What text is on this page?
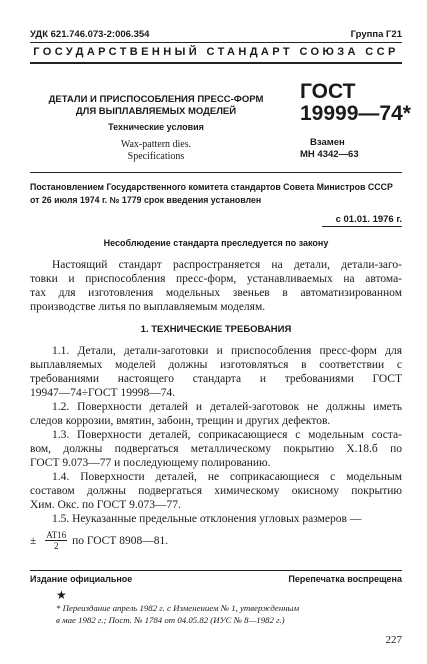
УДК 621.746.073-2:006.354	Группа Г21
ГОСУДАРСТВЕННЫЙ СТАНДАРТ СОЮЗА ССР
ДЕТАЛИ И ПРИСПОСОБЛЕНИЯ ПРЕСС-ФОРМ
ДЛЯ ВЫПЛАВЛЯЕМЫХ МОДЕЛЕЙ
Технические условия
Wax-pattern dies.
Specifications
ГОСТ
19999—74*
Взамен
МН 4342—63
Постановлением Государственного комитета стандартов Совета Министров СССР
от 26 июля 1974 г. № 1779 срок введения установлен
с 01.01. 1976 г.
Несоблюдение стандарта преследуется по закону
Настоящий стандарт распространяется на детали, детали-заго-
товки и приспособления пресс-форм, устанавливаемых на автома-
тах для изготовления модельных звеньев в автоматизированном
производстве литья по выплавляемым моделям.
1. ТЕХНИЧЕСКИЕ ТРЕБОВАНИЯ
1.1. Детали, детали-заготовки и приспособления пресс-форм для
выплавляемых моделей должны изготовляться в соответствии с
требованиями настоящего стандарта и требованиями ГОСТ
19947—74÷ГОСТ 19998—74.
1.2. Поверхности деталей и деталей-заготовок не должны иметь
следов коррозии, вмятин, забоин, трещин и других дефектов.
1.3. Поверхности деталей, соприкасающиеся с модельным соста-
вом, должны подвергаться металлическому покрытию Х.18.б по
ГОСТ 9.073—77 и последующему полированию.
1.4. Поверхности деталей, не соприкасающиеся с модельным
составом должны подвергаться химическому окисному покрытию
Хим. Окс. по ГОСТ 9.073—77.
1.5. Неуказанные предельные отклонения угловых размеров —
± $\frac{AT16}{2}$ по ГОСТ 8908—81.
Издание официальное	Перепечатка воспрещена
★
* Переиздание апрель 1982 г. с Изменением № 1, утвержденным
в мае 1982 г.; Пост. № 1784 от 04.05.82 (ИУС № 8—1982 г.)
227
